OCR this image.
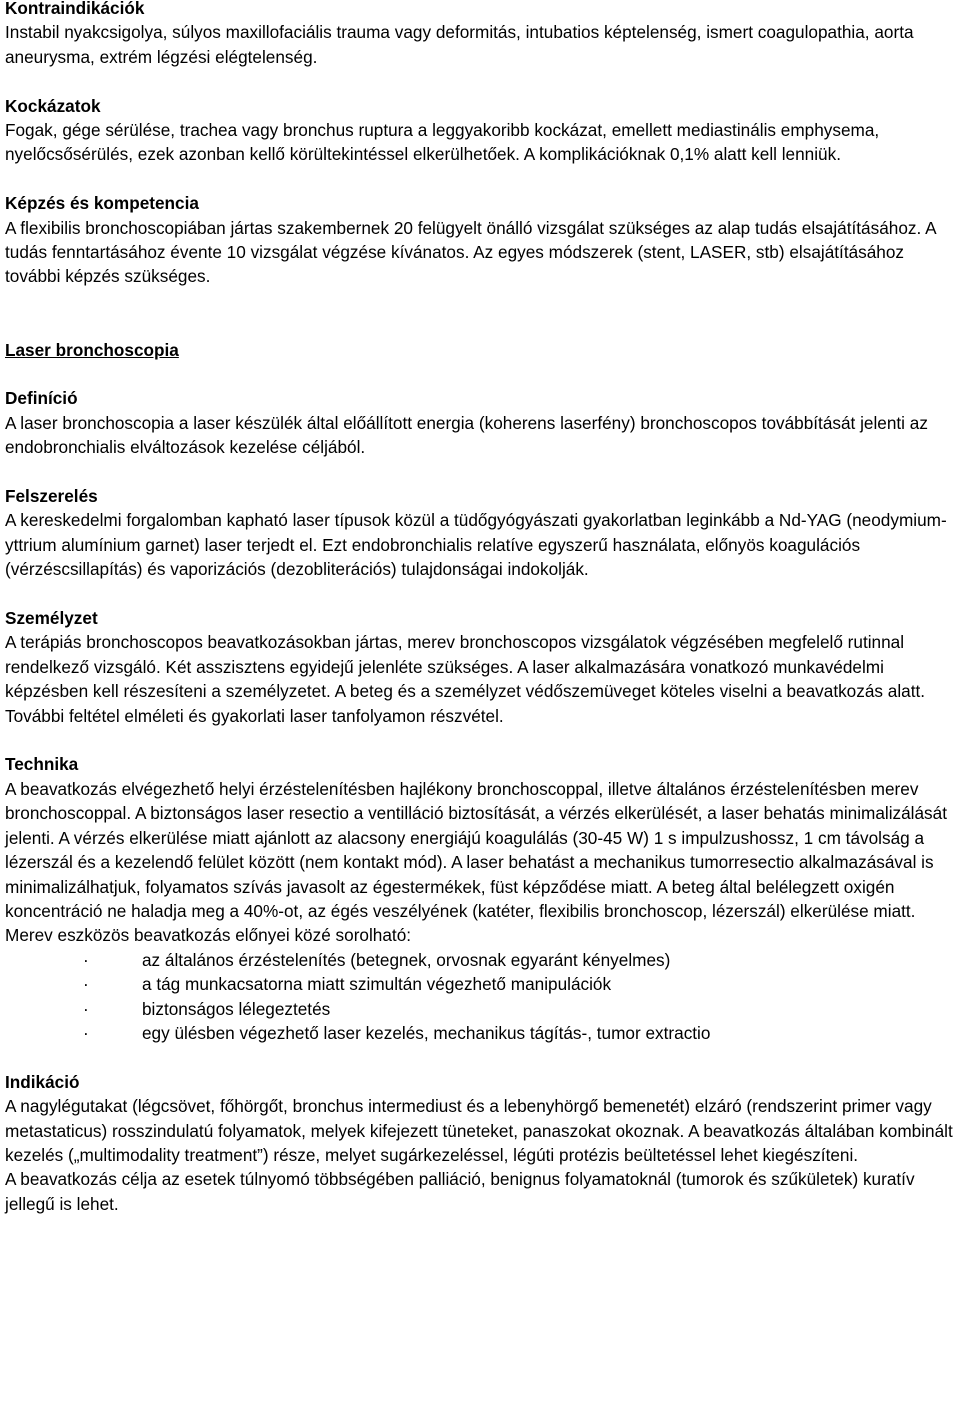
Kontraindikációk

Instabil nyakcsigolya, súlyos maxillofaciális trauma vagy deformitás, intubatios képtelenség, ismert coagulopathia, aorta aneurysma, extrém légzési elégtelenség.

Kockázatok

Fogak, gége sérülése, trachea vagy bronchus ruptura a leggyakoribb kockázat, emellett mediastinális emphysema, nyelőcsősérülés, ezek azonban kellő körültekintéssel elkerülhetőek. A komplikációknak 0,1% alatt kell lenniük.

Képzés és kompetencia

A flexibilis bronchoscopiában jártas szakembernek 20 felügyelt önálló vizsgálat szükséges az alap tudás elsajátításához. A tudás fenntartásához évente 10 vizsgálat végzése kívánatos. Az egyes módszerek (stent, LASER, stb) elsajátításához további képzés szükséges.

Laser bronchoscopia

Definíció

A laser bronchoscopia a laser készülék által előállított energia (koherens laserfény) bronchoscopos továbbítását jelenti az endobronchialis elváltozások kezelése céljából.

Felszerelés

A kereskedelmi forgalomban kapható laser típusok közül a tüdőgyógyászati gyakorlatban leginkább a Nd-YAG (neodymium-yttrium alumínium garnet) laser terjedt el. Ezt endobronchialis relatíve egyszerű használata, előnyös koagulációs (vérzéscsillapítás) és vaporizációs (dezobliterációs) tulajdonságai indokolják.

Személyzet

A terápiás bronchoscopos beavatkozásokban jártas, merev bronchoscopos vizsgálatok végzésében megfelelő rutinnal rendelkező vizsgáló. Két asszisztens egyidejű jelenléte szükséges. A laser alkalmazására vonatkozó munkavédelmi képzésben kell részesíteni a személyzetet. A beteg és a személyzet védőszemüveget köteles viselni a beavatkozás alatt. További feltétel elméleti és gyakorlati laser tanfolyamon részvétel.

Technika

A beavatkozás elvégezhető helyi érzéstelenítésben hajlékony bronchoscoppal, illetve általános érzéstelenítésben merev bronchoscoppal. A biztonságos laser resectio a ventilláció biztosítását, a vérzés elkerülését, a laser behatás minimalizálását jelenti. A vérzés elkerülése miatt ajánlott az alacsony energiájú koagulálás (30-45 W) 1 s impulzushossz, 1 cm távolság a lézerszál és a kezelendő felület között (nem kontakt mód). A laser behatást a mechanikus tumorresectio alkalmazásával is minimalizálhatjuk, folyamatos szívás javasolt az égestermékek, füst képződése miatt. A beteg által belélegzett oxigén koncentráció ne haladja meg a 40%-ot, az égés veszélyének (katéter, flexibilis bronchoscop, lézerszál) elkerülése miatt. Merev eszközös beavatkozás előnyei közé sorolható:

·	az általános érzéstelenítés (betegnek, orvosnak egyaránt kényelmes)
·	a tág munkacsatorna miatt szimultán végezhető manipulációk
·	biztonságos lélegeztetés
·	egy ülésben végezhető laser kezelés, mechanikus tágítás-, tumor extractio

Indikáció

A nagylégutakat (légcsövet, főhörgőt, bronchus intermediust és a lebenyhörgő bemenetét) elzáró (rendszerint primer vagy metastaticus) rosszindulatú folyamatok, melyek kifejezett tüneteket, panaszokat okoznak. A beavatkozás általában kombinált kezelés („multimodality treatment”) része, melyet sugárkezeléssel, légúti protézis beültetéssel lehet kiegészíteni.

A beavatkozás célja az esetek túlnyomó többségében palliáció, benignus folyamatoknál (tumorok és szűkületek) kuratív jellegű is lehet.
